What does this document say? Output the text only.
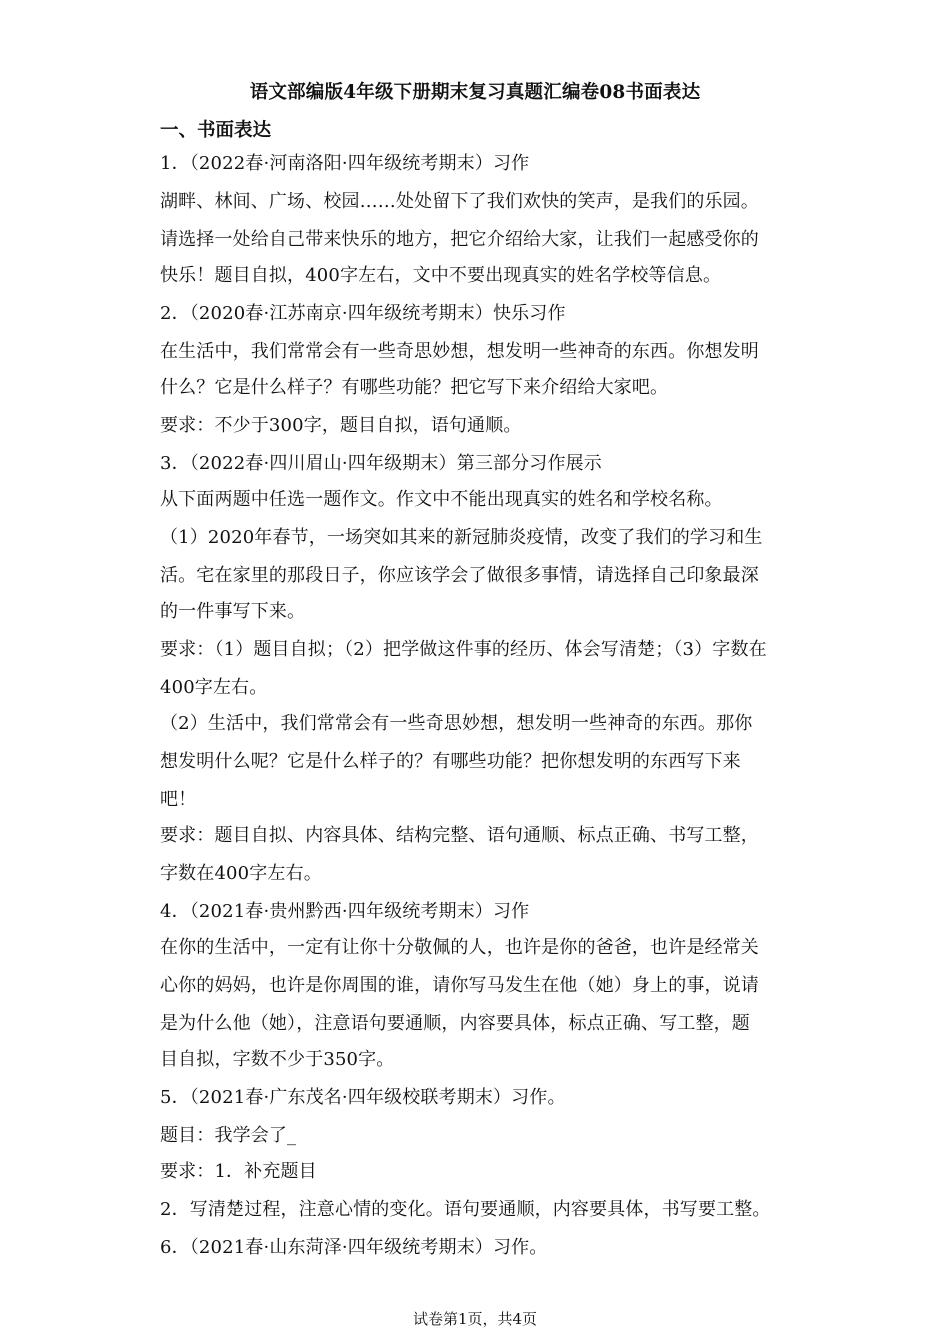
语文部编版4年级下册期末复习真题汇编卷08书面表达
一、书面表达
1．（2022春·河南洛阳·四年级统考期末）习作
湖畔、林间、广场、校园……处处留下了我们欢快的笑声，是我们的乐园。
请选择一处给自己带来快乐的地方，把它介绍给大家，让我们一起感受你的
快乐！题目自拟，400字左右，文中不要出现真实的姓名学校等信息。
2．（2020春·江苏南京·四年级统考期末）快乐习作
在生活中，我们常常会有一些奇思妙想，想发明一些神奇的东西。你想发明
什么？它是什么样子？有哪些功能？把它写下来介绍给大家吧。
要求：不少于300字，题目自拟，语句通顺。
3．（2022春·四川眉山·四年级期末）第三部分习作展示
从下面两题中任选一题作文。作文中不能出现真实的姓名和学校名称。
（1）2020年春节，一场突如其来的新冠肺炎疫情，改变了我们的学习和生
活。宅在家里的那段日子，你应该学会了做很多事情，请选择自己印象最深
的一件事写下来。
要求：（1）题目自拟；（2）把学做这件事的经历、体会写清楚；（3）字数在
400字左右。
（2）生活中，我们常常会有一些奇思妙想，想发明一些神奇的东西。那你
想发明什么呢？它是什么样子的？有哪些功能？把你想发明的东西写下来
吧！
要求：题目自拟、内容具体、结构完整、语句通顺、标点正确、书写工整，
字数在400字左右。
4．（2021春·贵州黔西·四年级统考期末）习作
在你的生活中，一定有让你十分敬佩的人，也许是你的爸爸，也许是经常关
心你的妈妈，也许是你周围的谁，请你写马发生在他（她）身上的事，说请
是为什么他（她），注意语句要通顺，内容要具体，标点正确、写工整，题
目自拟，字数不少于350字。
5．（2021春·广东茂名·四年级校联考期末）习作。
题目：我学会了_
要求：1．补充题目
2．写清楚过程，注意心情的变化。语句要通顺，内容要具体，书写要工整。
6．（2021春·山东菏泽·四年级统考期末）习作。
试卷第1页，共4页
